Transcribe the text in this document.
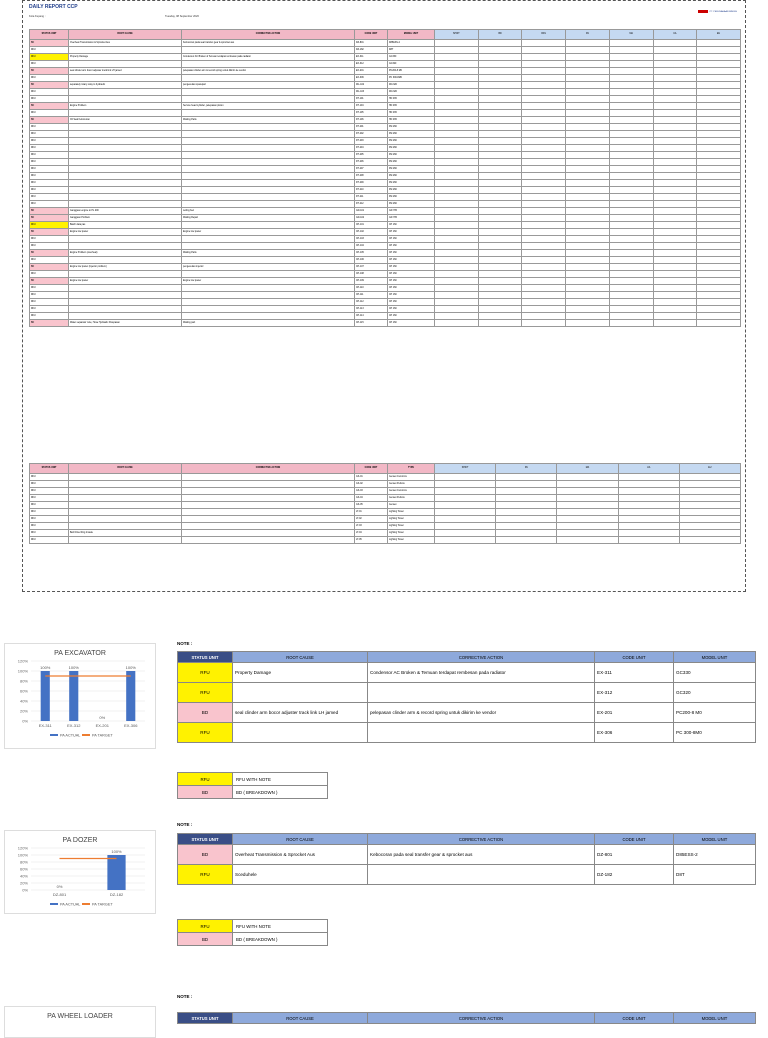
DAILY REPORT CCP
Kota Kupang :	Tuesday, 08 September 2020
PT. PERUSAHAAN MINING
STATUS UNIT	ROOT CAUSE	CORRECTIVE ACTION	CODE UNIT	MODEL UNIT	SHIFT	BD	RFU	PA	MA	UA	EU
BD	Overheat Transmission & Sprocket Aus	Kebocoran pada seal transfer gear & sprocket aus	DZ-801	D85ESS-2							
RFU			DZ-182	D8T							
RFU	Property Damage	Condensor AC Broken & Temuan terdapat rembesan pada radiator	EX-311	GC330							
RFU			EX-312	GC320							
BD	seal clinder arm bocor adjuster track link LH jamed	pelepasan clinder arm & record spring untuk dikirim ke vendor	EX-201	PC200-8 M0							
RFU			EX-306	PC 300-8M0							
BD	separately rotary relay to hydraulic	pengecekan sparepart	WL-102	WA 320							
RFU			WL-103	WA 320							
RFU			DT-101	HD 465							
BD	Engine Problem	Service head cylinder, pelepasan piston	DT-104	HD 465							
RFU			DT-105	HD 465							
BD	Oil Seal Kebocoran	Waiting Parts	DT-106	HD 465							
RFU			DT-201	FM 260							
RFU			DT-202	FM 260							
RFU			DT-203	FM 260							
RFU			DT-204	FM 260							
RFU			DT-205	FM 260							
RFU			DT-206	FM 260							
RFU			DT-207	FM 260							
RFU			DT-208	FM 260							
RFU			DT-209	FM 260							
RFU			DT-210	FM 260							
RFU			DT-211	FM 260							
RFU			DT-212	FM 260							
BD	Gangguan engine to PL 200	ceiling fuel	GD-101	GD 705							
BD	Gangguan Problem	Waiting Repair	GD-102	GD 705							
RFU	Batch data pas		CP-101	CP 160							
BD	Engine low power	Engine low power	CP-102	CP 160							
RFU			CP-103	CP 160							
RFU			CP-104	CP 160							
BD	Engine Problem (overheat)	Waiting Parts	CP-105	CP 160							
RFU			CP-106	CP 160							
BD	Engine low power (injector problem)	pengecekan injector	CP-107	CP 160							
RFU			CP-108	CP 160							
BD	Engine low power	Engine low power	CP-109	CP 160							
RFU			CP-110	CP 160							
RFU			CP-111	CP 160							
RFU			CP-112	CP 160							
RFU			CP-113	CP 160							
RFU			CP-114	CP 160							
BD	Water separator note, Hose Hydraulic Pelepasan	Waiting part	CP-115	CP 160							
STATUS UNIT	ROOT CAUSE	CORRECTIVE ACTION	CODE UNIT	TYPE	SHIFT	PA	MA	UA	EU
RFU			GS-01	Genset Cummins					
RFU			GS-02	Genset Perkins					
RFU			GS-03	Genset Cummins					
RFU			GS-04	Genset Perkins					
RFU			GS-05	Genset					
RFU			LT-01	Lighting Tower					
RFU			LT-02	Lighting Tower					
RFU			LT-03	Lighting Tower					
RFU	Belt Drive Ring Invade		LT-04	Lighting Tower					
RFU			LT-05	Lighting Tower					
PA EXCAVATOR
0%
20%
40%
60%
80%
100%
120%
100%
EX-311
100%
EX-312
0%
EX-201
100%
EX-306
PA ACTUAL	PA TARGET
NOTE :
STATUS UNIT	ROOT CAUSE	CORRECTIVE ACTION	CODE UNIT	MODEL UNIT
RFU	Property Damage	Condensor AC Broken & Temuan terdapat rembesan pada radiator	EX-311	GC330
RFU			EX-312	GC320
BD	seal clinder arm bocor adjuster track link LH jamed	pelepasan clinder arm & record spring untuk dikirim ke vendor	EX-201	PC200-8 M0
RFU			EX-306	PC 300-8M0
RFU	RFU WITH NOTE
BD	BD ( BREAKDOWN )
PA DOZER
0%
20%
40%
60%
80%
100%
120%
0%
DZ-801
100%
DZ-182
PA ACTUAL	PA TARGET
NOTE :
STATUS UNIT	ROOT CAUSE	CORRECTIVE ACTION	CODE UNIT	MODEL UNIT
BD	Overheat Transmission & Sprocket Aus	Kebocoran pada seal transfer gear & sprocket aus	DZ-801	D85ESS-2
RFU	Sceduhele		DZ-182	D8T
RFU	RFU WITH NOTE
BD	BD ( BREAKDOWN )
PA WHEEL LOADER
NOTE :
STATUS UNIT	ROOT CAUSE	CORRECTIVE ACTION	CODE UNIT	MODEL UNIT
